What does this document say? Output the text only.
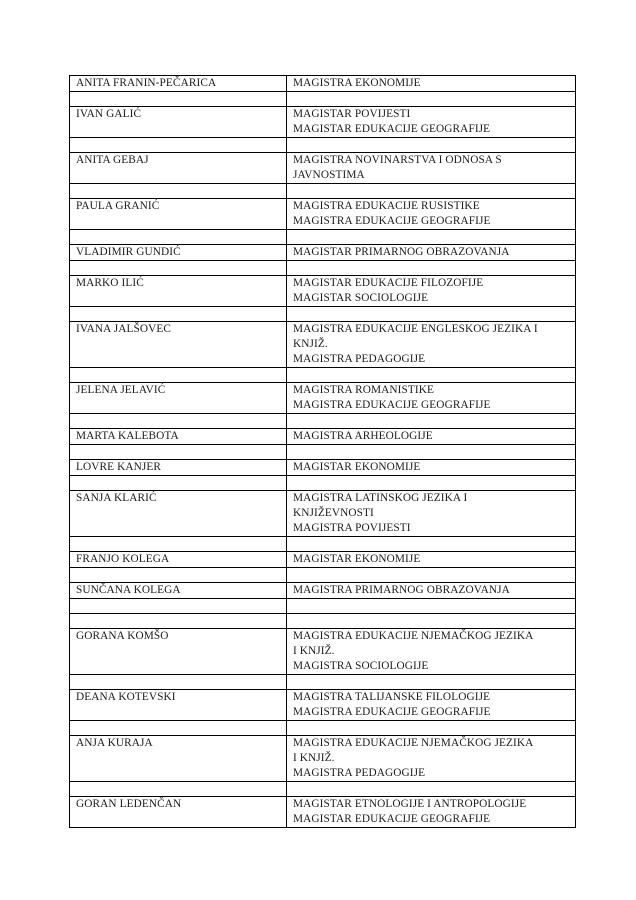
ANITA FRANIN-PEČARICA	MAGISTRA EKONOMIJE

IVAN GALIĆ	MAGISTAR POVIJESTI
MAGISTAR EDUKACIJE GEOGRAFIJE

ANITA GEBAJ	MAGISTRA NOVINARSTVA I ODNOSA S
JAVNOSTIMA

PAULA GRANIĆ	MAGISTRA EDUKACIJE RUSISTIKE
MAGISTRA EDUKACIJE GEOGRAFIJE

VLADIMIR GUNDIĆ	MAGISTAR PRIMARNOG OBRAZOVANJA

MARKO ILIĆ	MAGISTAR EDUKACIJE FILOZOFIJE
MAGISTAR SOCIOLOGIJE

IVANA JALŠOVEC	MAGISTRA EDUKACIJE ENGLESKOG JEZIKA I
KNJIŽ.
MAGISTRA PEDAGOGIJE

JELENA JELAVIĆ	MAGISTRA ROMANISTIKE
MAGISTRA EDUKACIJE GEOGRAFIJE

MARTA KALEBOTA	MAGISTRA ARHEOLOGIJE

LOVRE KANJER	MAGISTAR EKONOMIJE

SANJA KLARIĆ	MAGISTRA LATINSKOG JEZIKA I
KNJIŽEVNOSTI
MAGISTRA POVIJESTI

FRANJO KOLEGA	MAGISTAR EKONOMIJE

SUNČANA KOLEGA	MAGISTRA PRIMARNOG OBRAZOVANJA

GORANA KOMŠO	MAGISTRA EDUKACIJE NJEMAČKOG JEZIKA
I KNJIŽ.
MAGISTRA SOCIOLOGIJE

DEANA KOTEVSKI	MAGISTRA TALIJANSKE FILOLOGIJE
MAGISTRA EDUKACIJE GEOGRAFIJE

ANJA KURAJA	MAGISTRA EDUKACIJE NJEMAČKOG JEZIKA
I KNJIŽ.
MAGISTRA PEDAGOGIJE

GORAN LEDENČAN	MAGISTAR ETNOLOGIJE I ANTROPOLOGIJE
MAGISTAR EDUKACIJE GEOGRAFIJE
